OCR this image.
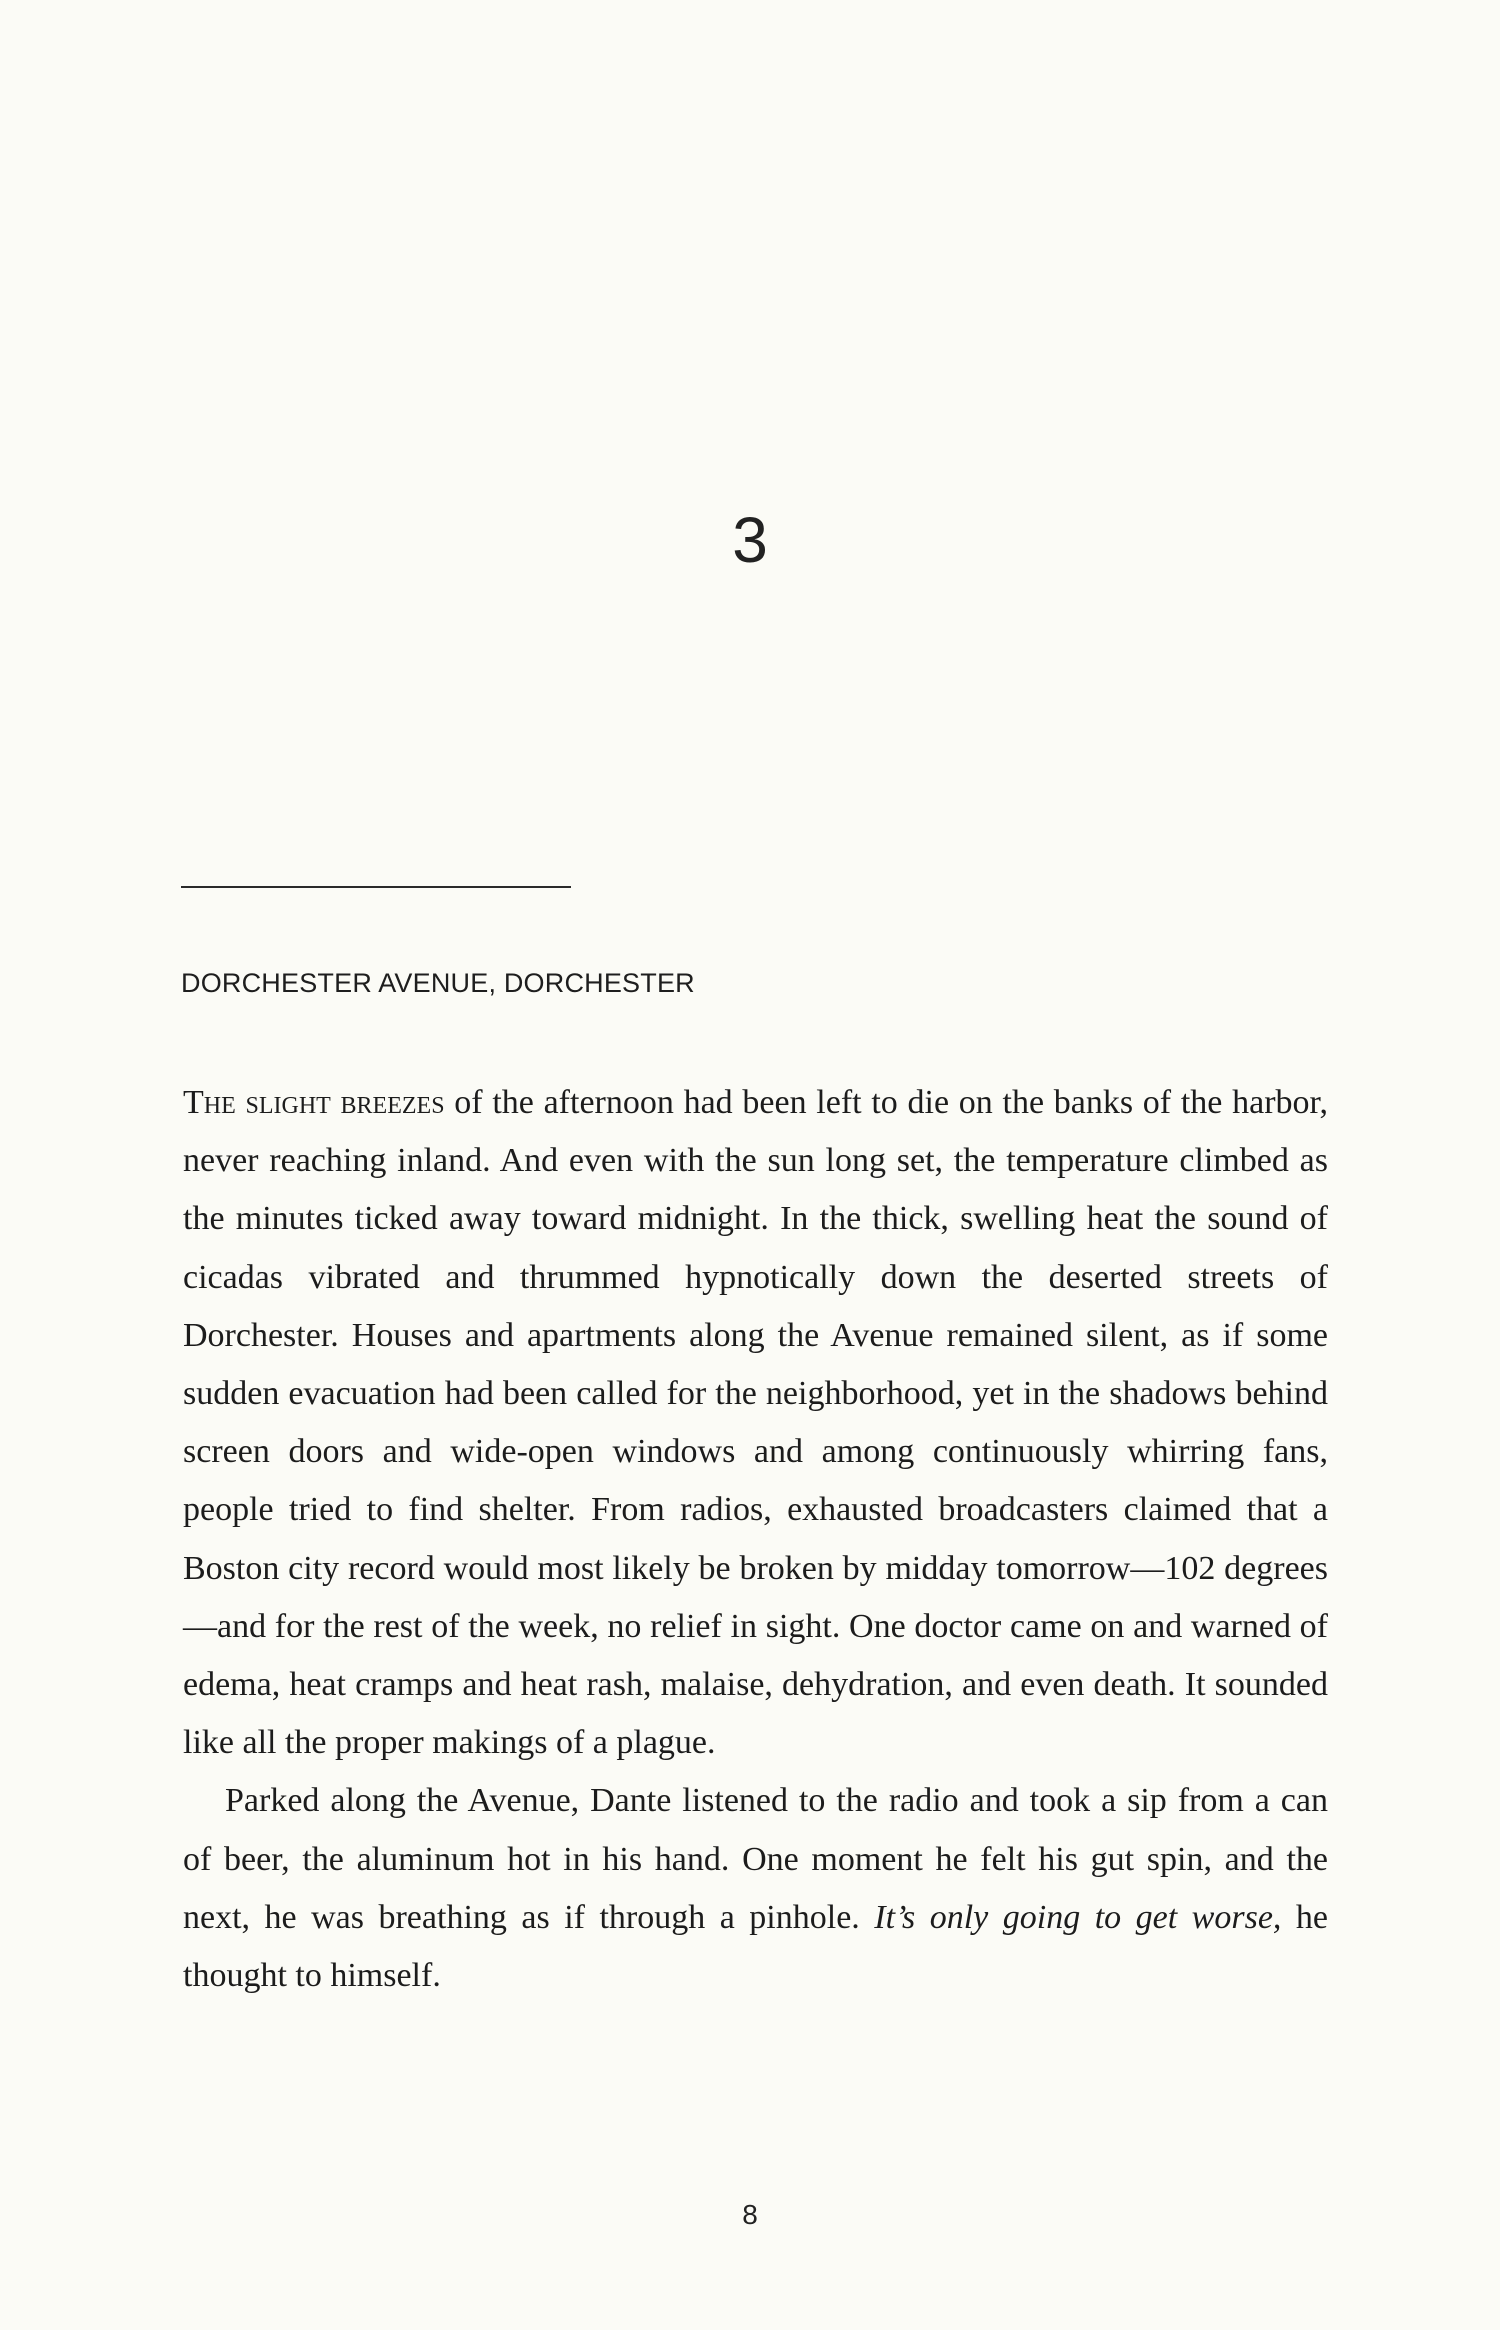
3
DORCHESTER AVENUE, DORCHESTER

The slight breezes of the afternoon had been left to die on the banks of the harbor, never reaching inland. And even with the sun long set, the temperature climbed as the minutes ticked away toward midnight. In the thick, swelling heat the sound of cicadas vibrated and thrummed hypnotically down the deserted streets of Dorchester. Houses and apartments along the Avenue remained silent, as if some sudden evacuation had been called for the neighborhood, yet in the shadows behind screen doors and wide-open windows and among continuously whirring fans, people tried to find shelter. From radios, exhausted broadcasters claimed that a Boston city record would most likely be broken by midday tomorrow—102 degrees—and for the rest of the week, no relief in sight. One doctor came on and warned of edema, heat cramps and heat rash, malaise, dehydration, and even death. It sounded like all the proper makings of a plague.

Parked along the Avenue, Dante listened to the radio and took a sip from a can of beer, the aluminum hot in his hand. One moment he felt his gut spin, and the next, he was breathing as if through a pinhole. It’s only going to get worse, he thought to himself.

8
